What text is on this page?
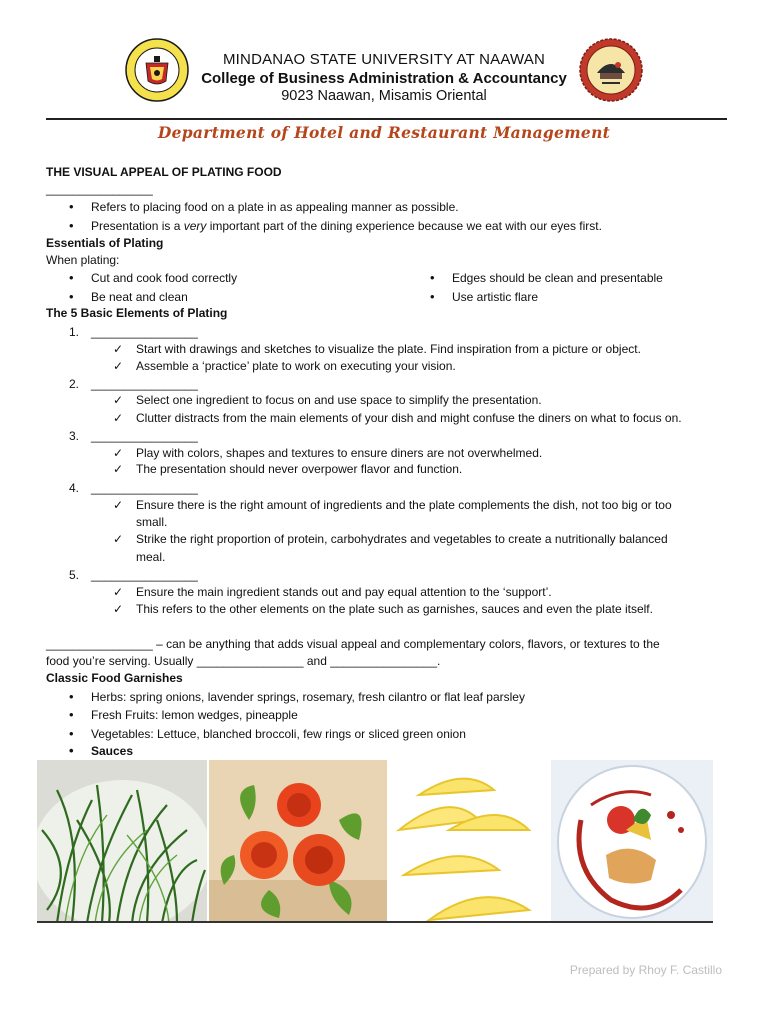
MINDANAO STATE UNIVERSITY AT NAAWAN
College of Business Administration & Accountancy
9023 Naawan, Misamis Oriental
Department of Hotel and Restaurant Management
THE VISUAL APPEAL OF PLATING FOOD
________________
• Refers to placing food on a plate in as appealing manner as possible.
• Presentation is a very important part of the dining experience because we eat with our eyes first.
Essentials of Plating
When plating:
• Cut and cook food correctly
• Be neat and clean
• Edges should be clean and presentable
• Use artistic flare
The 5 Basic Elements of Plating
1. ________________
✓ Start with drawings and sketches to visualize the plate. Find inspiration from a picture or object.
✓ Assemble a ‘practice’ plate to work on executing your vision.
2. ________________
✓ Select one ingredient to focus on and use space to simplify the presentation.
✓ Clutter distracts from the main elements of your dish and might confuse the diners on what to focus on.
3. ________________
✓ Play with colors, shapes and textures to ensure diners are not overwhelmed.
✓ The presentation should never overpower flavor and function.
4. ________________
✓ Ensure there is the right amount of ingredients and the plate complements the dish, not too big or too
small.
✓ Strike the right proportion of protein, carbohydrates and vegetables to create a nutritionally balanced
meal.
5. ________________
✓ Ensure the main ingredient stands out and pay equal attention to the ‘support’.
✓ This refers to the other elements on the plate such as garnishes, sauces and even the plate itself.
________________ – can be anything that adds visual appeal and complementary colors, flavors, or textures to the
food you’re serving. Usually ________________ and ________________.
Classic Food Garnishes
• Herbs: spring onions, lavender springs, rosemary, fresh cilantro or flat leaf parsley
• Fresh Fruits: lemon wedges, pineapple
• Vegetables: Lettuce, blanched broccoli, few rings or sliced green onion
• Sauces
Prepared by Rhoy F. Castillo
